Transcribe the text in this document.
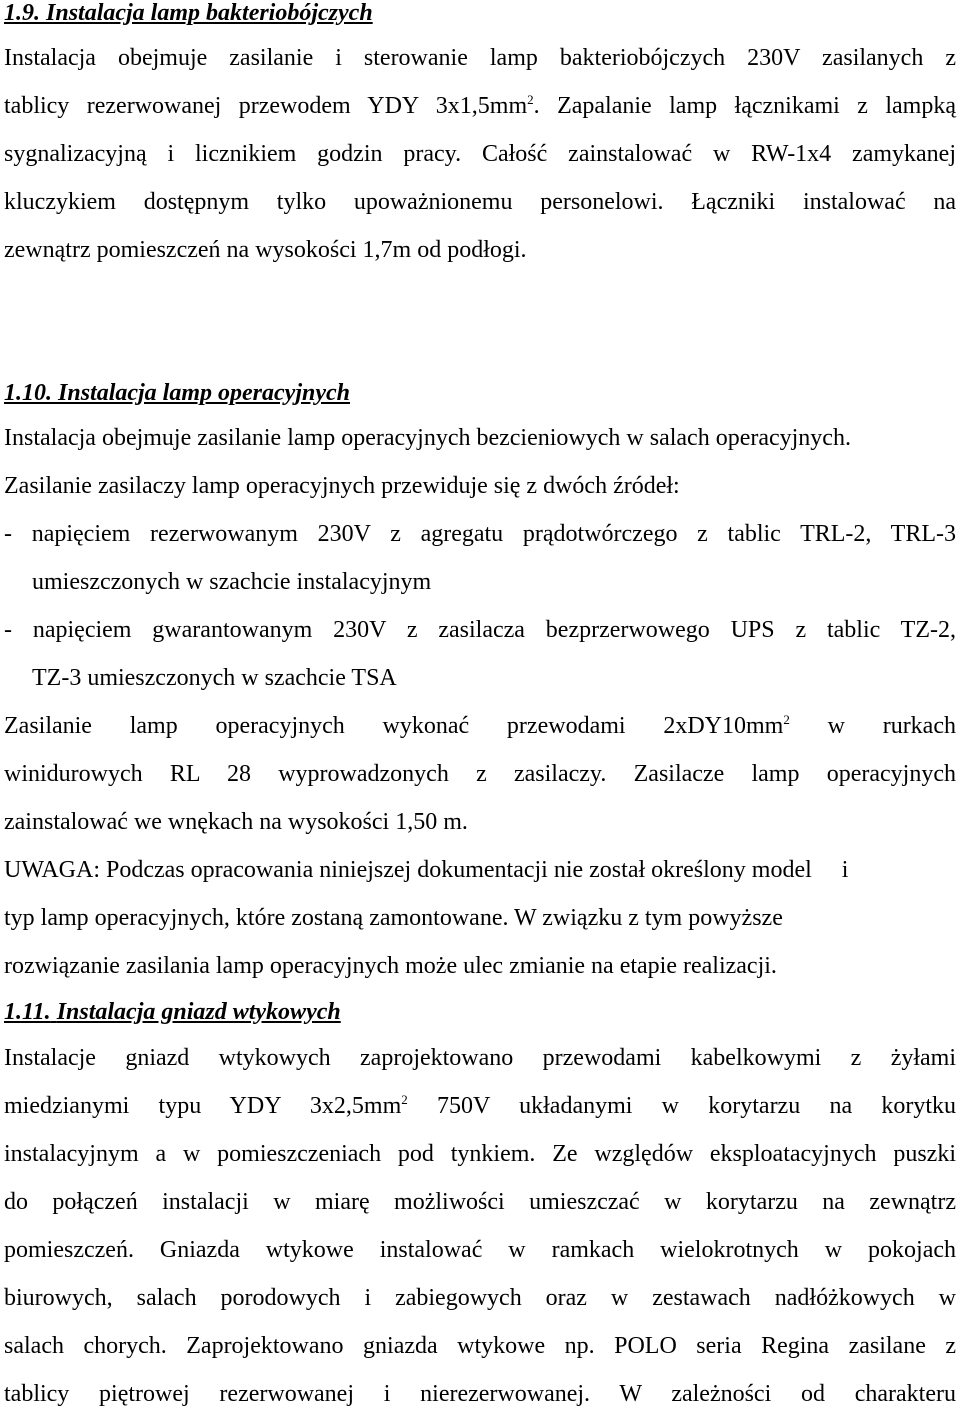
1.9. Instalacja lamp bakteriobójczych
Instalacja obejmuje zasilanie i sterowanie lamp bakteriobójczych 230V zasilanych z
tablicy rezerwowanej przewodem YDY $3x1,5mm^2$. Zapalanie lamp łącznikami z lampką
sygnalizacyjną i licznikiem godzin pracy. Całość zainstalować w RW-1x4 zamykanej
kluczykiem dostępnym tylko upoważnionemu personelowi. Łączniki instalować na
zewnątrz pomieszczeń na wysokości 1,7m od podłogi.
1.10. Instalacja lamp operacyjnych
Instalacja obejmuje zasilanie lamp operacyjnych bezcieniowych w salach operacyjnych.
Zasilanie zasilaczy lamp operacyjnych przewiduje się z dwóch źródeł:
- napięciem rezerwowanym 230V z agregatu prądotwórczego z tablic TRL-2, TRL-3
umieszczonych w szachcie instalacyjnym
- napięciem gwarantowanym 230V z zasilacza bezprzerwowego UPS z tablic TZ-2,
TZ-3 umieszczonych w szachcie TSA
Zasilanie lamp operacyjnych wykonać przewodami $2xDY10mm^2$ w rurkach
winidurowych RL 28 wyprowadzonych z zasilaczy. Zasilacze lamp operacyjnych
zainstalować we wnękach na wysokości 1,50 m.
UWAGA: Podczas opracowania niniejszej dokumentacji nie został określony model     i
typ lamp operacyjnych, które zostaną zamontowane. W związku z tym powyższe
rozwiązanie zasilania lamp operacyjnych może ulec zmianie na etapie realizacji.
1.11. Instalacja gniazd wtykowych
Instalacje gniazd wtykowych zaprojektowano przewodami kabelkowymi z żyłami
miedzianymi typu YDY $3x2,5mm^2$ 750V układanymi w korytarzu na korytku
instalacyjnym a w pomieszczeniach pod tynkiem. Ze względów eksploatacyjnych puszki
do połączeń instalacji w miarę możliwości umieszczać w korytarzu na zewnątrz
pomieszczeń. Gniazda wtykowe instalować w ramkach wielokrotnych w pokojach
biurowych, salach porodowych i zabiegowych oraz w zestawach nadłóżkowych w
salach chorych. Zaprojektowano gniazda wtykowe np. POLO seria Regina zasilane z
tablicy piętrowej rezerwowanej i nierezerwowanej. W zależności od charakteru
